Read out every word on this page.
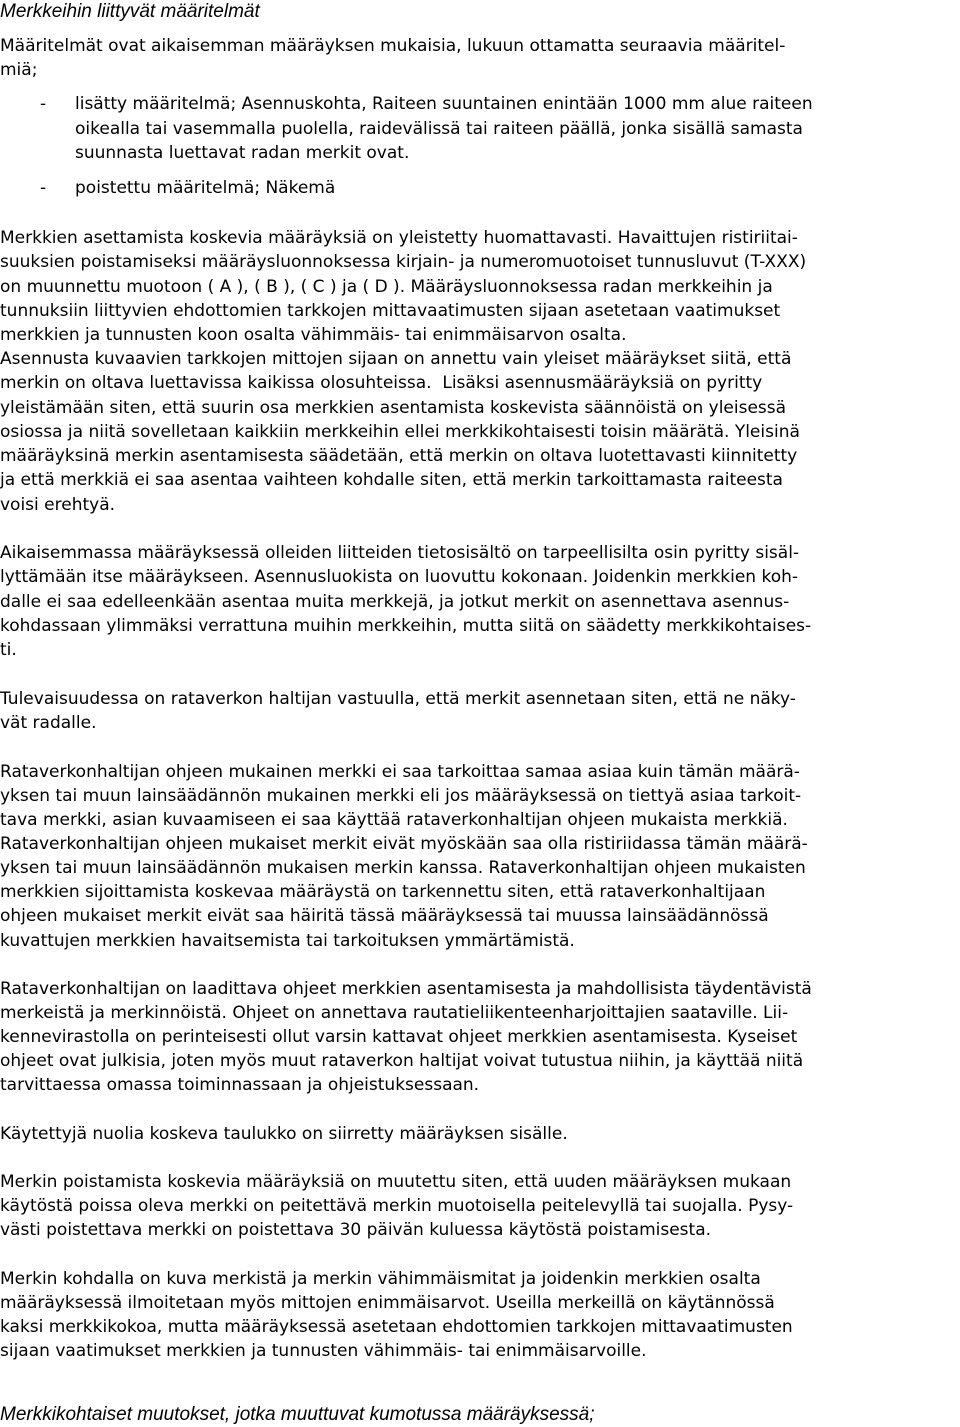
Merkkeihin liittyvät määritelmät
Määritelmät ovat aikaisemman määräyksen mukaisia, lukuun ottamatta seuraavia määritel-
miä;
- lisätty määritelmä; Asennuskohta, Raiteen suuntainen enintään 1000 mm alue raiteen
oikealla tai vasemmalla puolella, raidevälissä tai raiteen päällä, jonka sisällä samasta
suunnasta luettavat radan merkit ovat.
- poistettu määritelmä; Näkemä
Merkkien asettamista koskevia määräyksiä on yleistetty huomattavasti. Havaittujen ristiriitai-
suuksien poistamiseksi määräysluonnoksessa kirjain- ja numeromuotoiset tunnusluvut (T-XXX)
on muunnettu muotoon ( A ), ( B ), ( C ) ja ( D ). Määräysluonnoksessa radan merkkeihin ja
tunnuksiin liittyvien ehdottomien tarkkojen mittavaatimusten sijaan asetetaan vaatimukset
merkkien ja tunnusten koon osalta vähimmäis- tai enimmäisarvon osalta.
Asennusta kuvaavien tarkkojen mittojen sijaan on annettu vain yleiset määräykset siitä, että
merkin on oltava luettavissa kaikissa olosuhteissa.  Lisäksi asennusmääräyksiä on pyritty
yleistämään siten, että suurin osa merkkien asentamista koskevista säännöistä on yleisessä
osiossa ja niitä sovelletaan kaikkiin merkkeihin ellei merkkikohtaisesti toisin määrätä. Yleisinä
määräyksinä merkin asentamisesta säädetään, että merkin on oltava luotettavasti kiinnitetty
ja että merkkiä ei saa asentaa vaihteen kohdalle siten, että merkin tarkoittamasta raiteesta
voisi erehtyä.
Aikaisemmassa määräyksessä olleiden liitteiden tietosisältö on tarpeellisilta osin pyritty sisäl-
lyttämään itse määräykseen. Asennusluokista on luovuttu kokonaan. Joidenkin merkkien koh-
dalle ei saa edelleenkään asentaa muita merkkejä, ja jotkut merkit on asennettava asennus-
kohdassaan ylimmäksi verrattuna muihin merkkeihin, mutta siitä on säädetty merkkikohtaises-
ti.
Tulevaisuudessa on rataverkon haltijan vastuulla, että merkit asennetaan siten, että ne näky-
vät radalle.
Rataverkonhaltijan ohjeen mukainen merkki ei saa tarkoittaa samaa asiaa kuin tämän määrä-
yksen tai muun lainsäädännön mukainen merkki eli jos määräyksessä on tiettyä asiaa tarkoit-
tava merkki, asian kuvaamiseen ei saa käyttää rataverkonhaltijan ohjeen mukaista merkkiä.
Rataverkonhaltijan ohjeen mukaiset merkit eivät myöskään saa olla ristiriidassa tämän määrä-
yksen tai muun lainsäädännön mukaisen merkin kanssa. Rataverkonhaltijan ohjeen mukaisten
merkkien sijoittamista koskevaa määräystä on tarkennettu siten, että rataverkonhaltijaan
ohjeen mukaiset merkit eivät saa häiritä tässä määräyksessä tai muussa lainsäädännössä
kuvattujen merkkien havaitsemista tai tarkoituksen ymmärtämistä.
Rataverkonhaltijan on laadittava ohjeet merkkien asentamisesta ja mahdollisista täydentävistä
merkeistä ja merkinnöistä. Ohjeet on annettava rautatieliikenteenharjoittajien saataville. Lii-
kennevirastolla on perinteisesti ollut varsin kattavat ohjeet merkkien asentamisesta. Kyseiset
ohjeet ovat julkisia, joten myös muut rataverkon haltijat voivat tutustua niihin, ja käyttää niitä
tarvittaessa omassa toiminnassaan ja ohjeistuksessaan.
Käytettyjä nuolia koskeva taulukko on siirretty määräyksen sisälle.
Merkin poistamista koskevia määräyksiä on muutettu siten, että uuden määräyksen mukaan
käytöstä poissa oleva merkki on peitettävä merkin muotoisella peitelevyllä tai suojalla. Pysy-
västi poistettava merkki on poistettava 30 päivän kuluessa käytöstä poistamisesta.
Merkin kohdalla on kuva merkistä ja merkin vähimmäismitat ja joidenkin merkkien osalta
määräyksessä ilmoitetaan myös mittojen enimmäisarvot. Useilla merkeillä on käytännössä
kaksi merkkikokoa, mutta määräyksessä asetetaan ehdottomien tarkkojen mittavaatimusten
sijaan vaatimukset merkkien ja tunnusten vähimmäis- tai enimmäisarvoille.
Merkkikohtaiset muutokset, jotka muuttuvat kumotussa määräyksessä;
